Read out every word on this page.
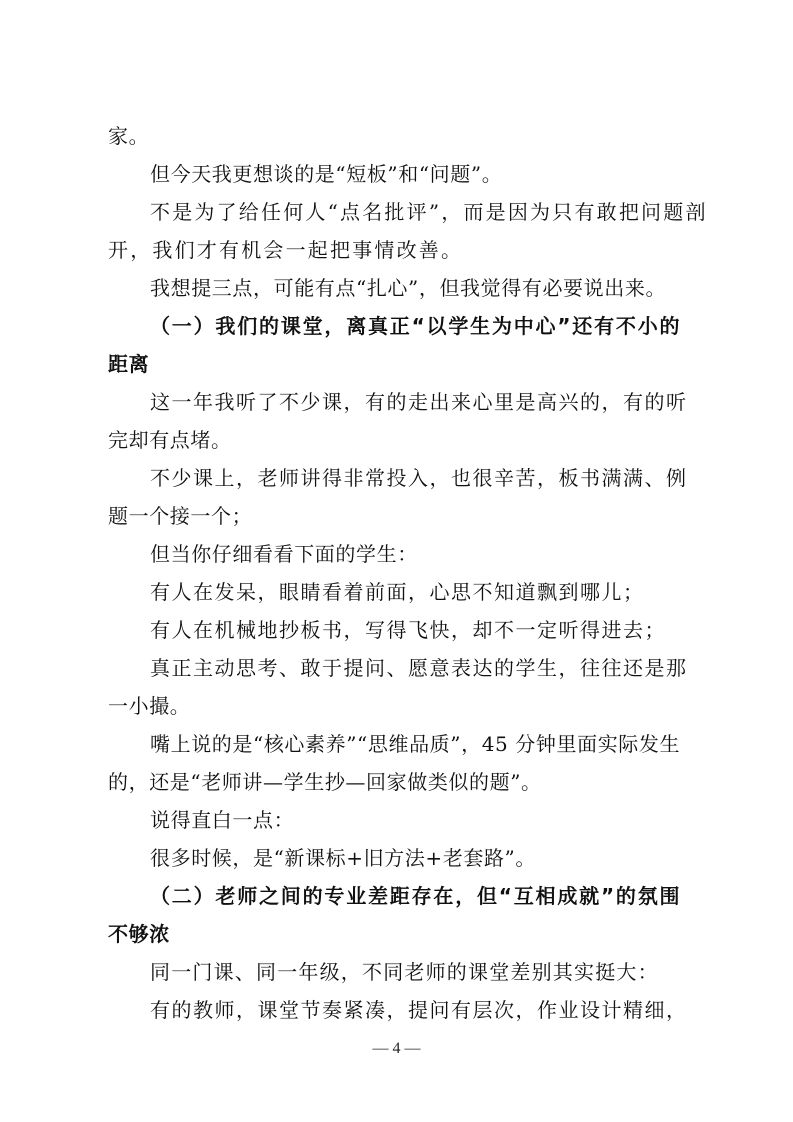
家。
但今天我更想谈的是“短板”和“问题”。
不是为了给任何人“点名批评”，而是因为只有敢把问题剖
开，我们才有机会一起把事情改善。
我想提三点，可能有点“扎心”，但我觉得有必要说出来。
（一）我们的课堂，离真正“以学生为中心”还有不小的
距离
这一年我听了不少课，有的走出来心里是高兴的，有的听
完却有点堵。
不少课上，老师讲得非常投入，也很辛苦，板书满满、例
题一个接一个；
但当你仔细看看下面的学生：
有人在发呆，眼睛看着前面，心思不知道飘到哪儿；
有人在机械地抄板书，写得飞快，却不一定听得进去；
真正主动思考、敢于提问、愿意表达的学生，往往还是那
一小撮。
嘴上说的是“核心素养”“思维品质”，45 分钟里面实际发生
的，还是“老师讲—学生抄—回家做类似的题”。
说得直白一点：
很多时候，是“新课标+旧方法+老套路”。
（二）老师之间的专业差距存在，但“互相成就”的氛围
不够浓
同一门课、同一年级，不同老师的课堂差别其实挺大：
有的教师，课堂节奏紧凑，提问有层次，作业设计精细，
— 4 —
